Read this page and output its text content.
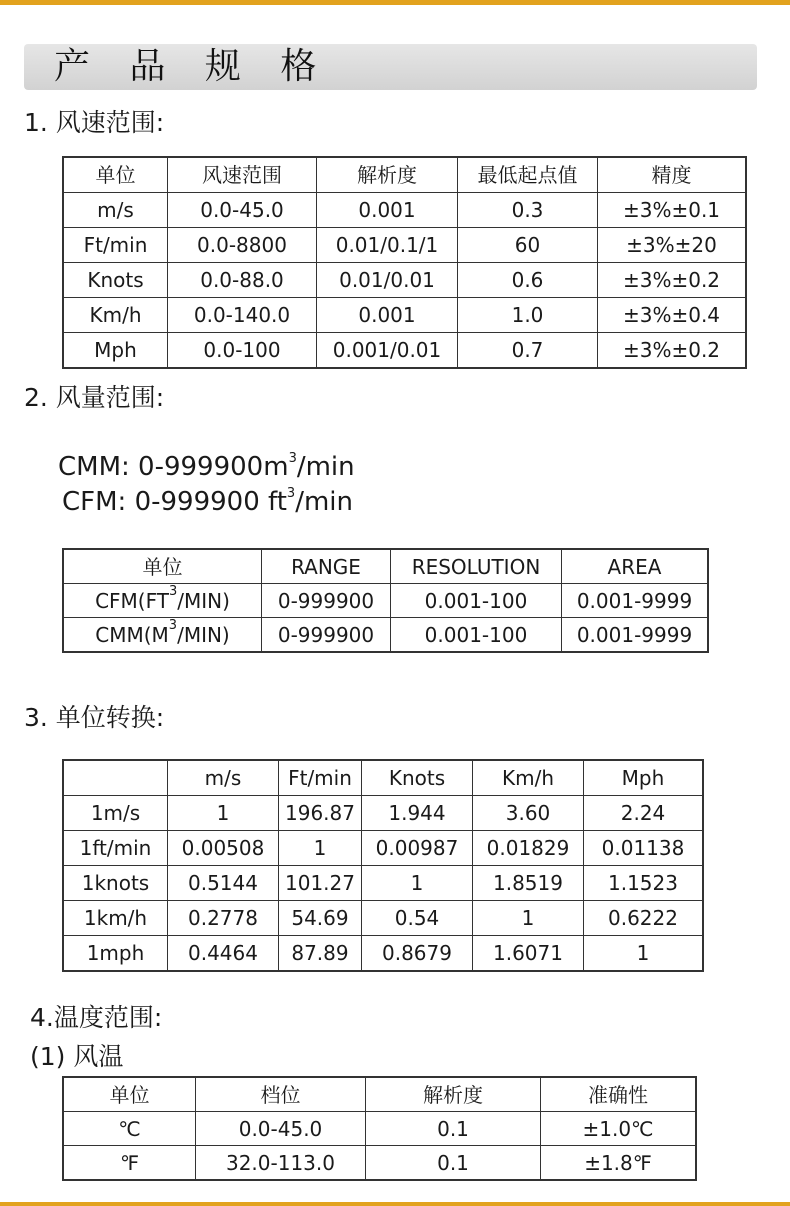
产 品 规 格
1. 风速范围:
单位	风速范围	解析度	最低起点值	精度
m/s	0.0-45.0	0.001	0.3	±3%±0.1
Ft/min	0.0-8800	0.01/0.1/1	60	±3%±20
Knots	0.0-88.0	0.01/0.01	0.6	±3%±0.2
Km/h	0.0-140.0	0.001	1.0	±3%±0.4
Mph	0.0-100	0.001/0.01	0.7	±3%±0.2
2. 风量范围:
CMM: $0-999900m^3/\min$
CFM: 0-999900 $ft^3/\min$
单位	RANGE	RESOLUTION	AREA
$CFM(FT^3/MIN)$	0-999900	0.001-100	0.001-9999
$CMM(M^3/MIN)$	0-999900	0.001-100	0.001-9999
3. 单位转换:
	m/s	Ft/min	Knots	Km/h	Mph
1m/s	1	196.87	1.944	3.60	2.24
1ft/min	0.00508	1	0.00987	0.01829	0.01138
1knots	0.5144	101.27	1	1.8519	1.1523
1km/h	0.2778	54.69	0.54	1	0.6222
1mph	0.4464	87.89	0.8679	1.6071	1
4.温度范围:
(1) 风温
单位	档位	解析度	准确性
℃	0.0-45.0	0.1	±1.0℃
℉	32.0-113.0	0.1	±1.8℉
